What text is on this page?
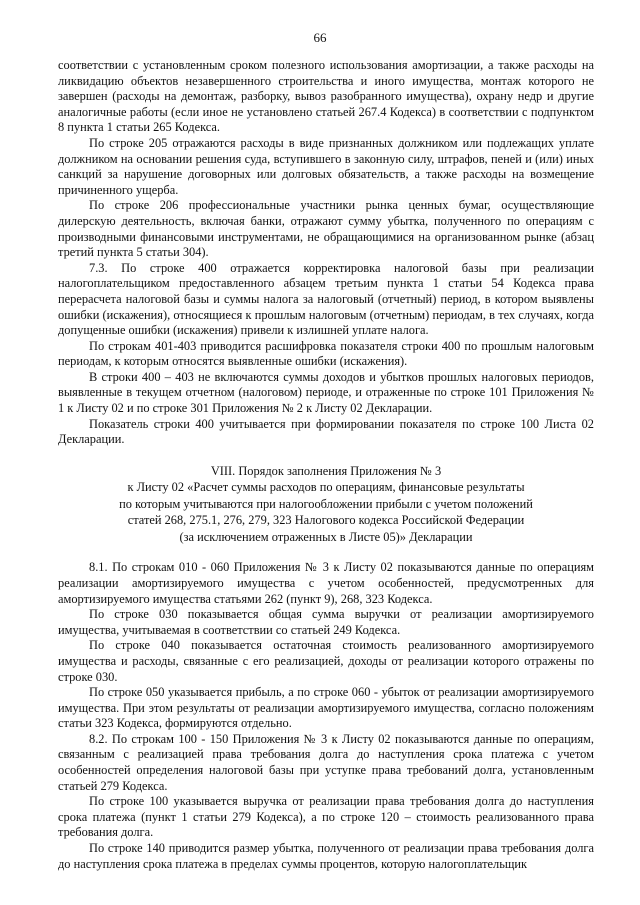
66

соответствии с установленным сроком полезного использования амортизации, а также расходы на ликвидацию объектов незавершенного строительства и иного имущества, монтаж которого не завершен (расходы на демонтаж, разборку, вывоз разобранного имущества), охрану недр и другие аналогичные работы (если иное не установлено статьей 267.4 Кодекса) в соответствии с подпунктом 8 пункта 1 статьи 265 Кодекса.

По строке 205 отражаются расходы в виде признанных должником или подлежащих уплате должником на основании решения суда, вступившего в законную силу, штрафов, пеней и (или) иных санкций за нарушение договорных или долговых обязательств, а также расходы на возмещение причиненного ущерба.

По строке 206 профессиональные участники рынка ценных бумаг, осуществляющие дилерскую деятельность, включая банки, отражают сумму убытка, полученного по операциям с производными финансовыми инструментами, не обращающимися на организованном рынке (абзац третий пункта 5 статьи 304).

7.3. По строке 400 отражается корректировка налоговой базы при реализации налогоплательщиком предоставленного абзацем третьим пункта 1 статьи 54 Кодекса права перерасчета налоговой базы и суммы налога за налоговый (отчетный) период, в котором выявлены ошибки (искажения), относящиеся к прошлым налоговым (отчетным) периодам, в тех случаях, когда допущенные ошибки (искажения) привели к излишней уплате налога.

По строкам 401-403 приводится расшифровка показателя строки 400 по прошлым налоговым периодам, к которым относятся выявленные ошибки (искажения).

В строки 400 – 403 не включаются суммы доходов и убытков прошлых налоговых периодов, выявленные в текущем отчетном (налоговом) периоде, и отраженные по строке 101 Приложения № 1 к Листу 02 и по строке 301 Приложения № 2 к Листу 02 Декларации.

Показатель строки 400 учитывается при формировании показателя по строке 100 Листа 02 Декларации.

VIII. Порядок заполнения Приложения № 3
к Листу 02 «Расчет суммы расходов по операциям, финансовые результаты
по которым учитываются при налогообложении прибыли с учетом положений
статей 268, 275.1, 276, 279, 323 Налогового кодекса Российской Федерации
(за исключением отраженных в Листе 05)» Декларации

8.1. По строкам 010 - 060 Приложения № 3 к Листу 02 показываются данные по операциям реализации амортизируемого имущества с учетом особенностей, предусмотренных для амортизируемого имущества статьями 262 (пункт 9), 268, 323 Кодекса.

По строке 030 показывается общая сумма выручки от реализации амортизируемого имущества, учитываемая в соответствии со статьей 249 Кодекса.

По строке 040 показывается остаточная стоимость реализованного амортизируемого имущества и расходы, связанные с его реализацией, доходы от реализации которого отражены по строке 030.

По строке 050 указывается прибыль, а по строке 060 - убыток от реализации амортизируемого имущества. При этом результаты от реализации амортизируемого имущества, согласно положениям статьи 323 Кодекса, формируются отдельно.

8.2. По строкам 100 - 150 Приложения № 3 к Листу 02 показываются данные по операциям, связанным с реализацией права требования долга до наступления срока платежа с учетом особенностей определения налоговой базы при уступке права требований долга, установленным статьей 279 Кодекса.

По строке 100 указывается выручка от реализации права требования долга до наступления срока платежа (пункт 1 статьи 279 Кодекса), а по строке 120 – стоимость реализованного права требования долга.

По строке 140 приводится размер убытка, полученного от реализации права требования долга до наступления срока платежа в пределах суммы процентов, которую налогоплательщик
